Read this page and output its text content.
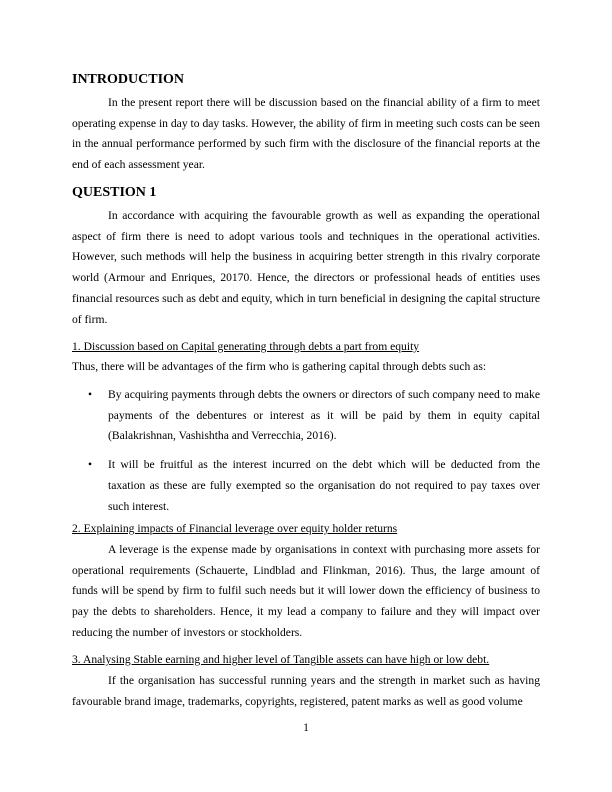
INTRODUCTION

In the present report there will be discussion based on the financial ability of a firm to meet operating expense in day to day tasks. However, the ability of firm in meeting such costs can be seen in the annual performance performed by such firm with the disclosure of the financial reports at the end of each assessment year.

QUESTION 1

In accordance with acquiring the favourable growth as well as expanding the operational aspect of firm there is need to adopt various tools and techniques in the operational activities. However, such methods will help the business in acquiring better strength in this rivalry corporate world (Armour and Enriques, 20170. Hence, the directors or professional heads of entities uses financial resources such as debt and equity, which in turn beneficial in designing the capital structure of firm.

1. Discussion based on Capital generating through debts a part from equity
Thus, there will be advantages of the firm who is gathering capital through debts such as:
• By acquiring payments through debts the owners or directors of such company need to make payments of the debentures or interest as it will be paid by them in equity capital (Balakrishnan, Vashishtha and Verrecchia, 2016).
• It will be fruitful as the interest incurred on the debt which will be deducted from the taxation as these are fully exempted so the organisation do not required to pay taxes over such interest.
2. Explaining impacts of Financial leverage over equity holder returns

A leverage is the expense made by organisations in context with purchasing more assets for operational requirements (Schauerte, Lindblad and Flinkman, 2016). Thus, the large amount of funds will be spend by firm to fulfil such needs but it will lower down the efficiency of business to pay the debts to shareholders. Hence, it my lead a company to failure and they will impact over reducing the number of investors or stockholders.

3. Analysing Stable earning and higher level of Tangible assets can have high or low debt.

If the organisation has successful running years and the strength in market such as having favourable brand image, trademarks, copyrights, registered, patent marks as well as good volume

1
